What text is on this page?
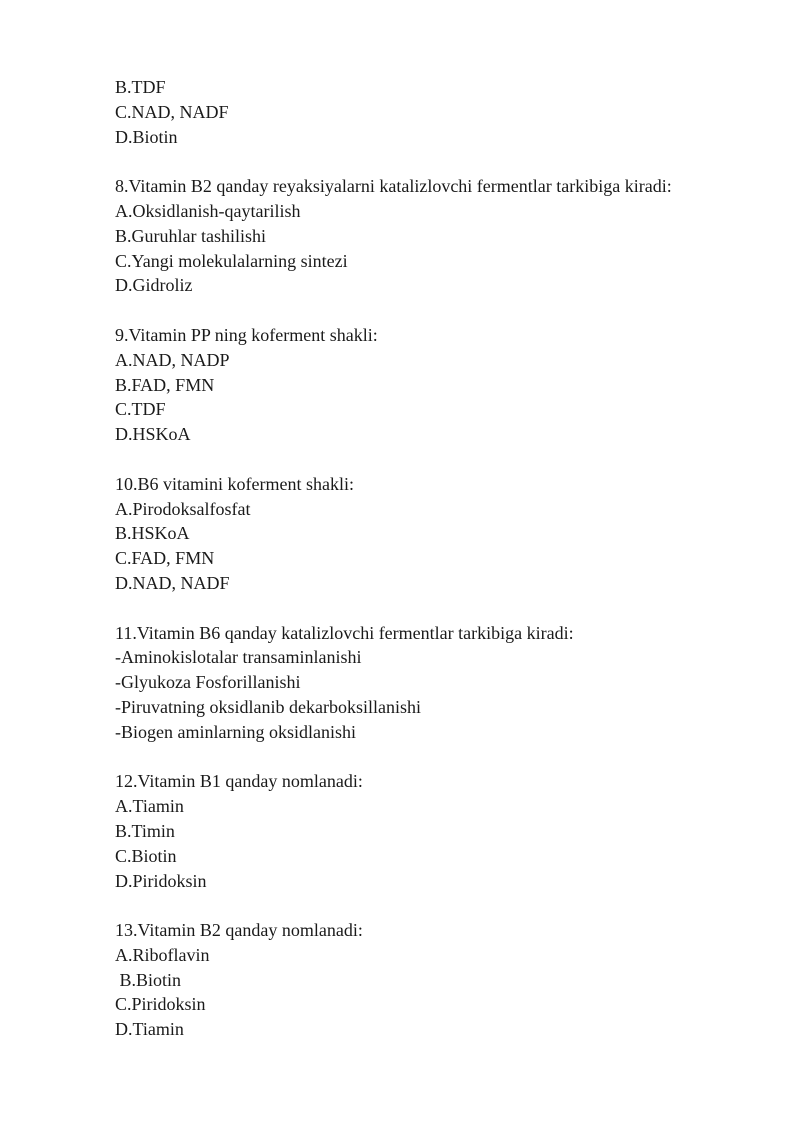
B.TDF
C.NAD, NADF
D.Biotin
8.Vitamin B2 qanday reyaksiyalarni katalizlovchi fermentlar tarkibiga kiradi:
A.Oksidlanish-qaytarilish
B.Guruhlar tashilishi
C.Yangi molekulalarning sintezi
D.Gidroliz
9.Vitamin PP ning koferment shakli:
A.NAD, NADP
B.FAD, FMN
C.TDF
D.HSKoA
10.B6 vitamini koferment shakli:
A.Pirodoksalfosfat
B.HSKoA
C.FAD, FMN
D.NAD, NADF
11.Vitamin B6 qanday katalizlovchi fermentlar tarkibiga kiradi:
-Aminokislotalar transaminlanishi
-Glyukoza Fosforillanishi
-Piruvatning oksidlanib dekarboksillanishi
-Biogen aminlarning oksidlanishi
12.Vitamin B1 qanday nomlanadi:
A.Tiamin
B.Timin
C.Biotin
D.Piridoksin
13.Vitamin B2 qanday nomlanadi:
A.Riboflavin
B.Biotin
C.Piridoksin
D.Tiamin
